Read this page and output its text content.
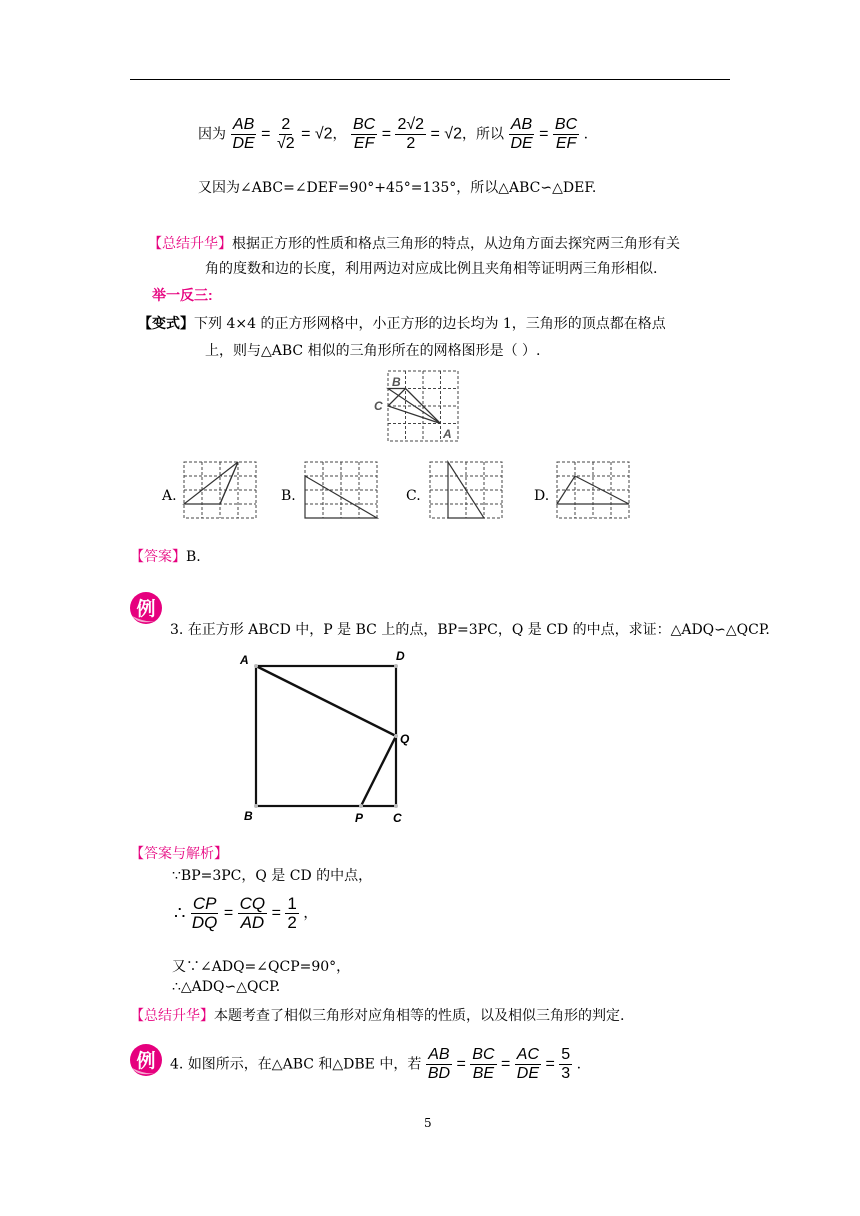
因为 $\frac{AB}{DE} = \frac{2}{√2} = √2$， $\frac{BC}{EF} = \frac{2√2}{2} = √2$，所以 $\frac{AB}{DE} = \frac{BC}{EF}$ .
又因为∠ABC=∠DEF=90°+45°=135°，所以△ABC∽△DEF.
【总结升华】根据正方形的性质和格点三角形的特点，从边角方面去探究两三角形有关
角的度数和边的长度，利用两边对应成比例且夹角相等证明两三角形相似.
举一反三:
【变式】下列 4×4 的正方形网格中，小正方形的边长均为 1，三角形的顶点都在格点
上，则与△ABC 相似的三角形所在的网格图形是（ ）.
B
C
A
A.	B.	C.	D.
【答案】B.
例
3. 在正方形 ABCD 中，P 是 BC 上的点，BP=3PC，Q 是 CD 的中点，求证：△ADQ∽△QCP.
A	D
Q
B	P C
【答案与解析】
∵BP=3PC，Q 是 CD 的中点，
∴ $\frac{CP}{DQ} = \frac{CQ}{AD} = \frac{1}{2}$ ，
又∵∠ADQ=∠QCP=90°，
∴△ADQ∽△QCP.
【总结升华】本题考查了相似三角形对应角相等的性质，以及相似三角形的判定.
例 4. 如图所示，在△ABC 和△DBE 中，若 $\frac{AB}{BD} = \frac{BC}{BE} = \frac{AC}{DE} = \frac{5}{3}$ .
5
